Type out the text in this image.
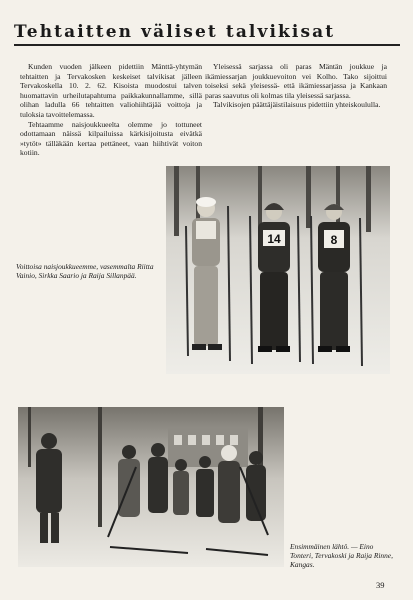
Tehtaitten väliset talvikisat

Kunden vuoden jälkeen pidettiin Mänttä-yhtymän tehtaitten ja Tervakosken keskeiset talvikisat jälleen Tervakoskella 10. 2. 62. Kisoista muodostui talven huomattavin urheilutapahtuma paikkakunnallamme, sillä olihan ladulla 66 tehtaitten valiohiihtäjää voittoja ja tuloksia tavoittelemassa.

Tehtaamme naisjoukkueelta olemme jo tottuneet odottamaan näissä kilpailuissa kärkisijoitusta eivätkä »tytöt» tälläkään kertaa pettäneet, vaan hiihtivät voiton kotiin.

Yleisessä sarjassa oli paras Mäntän joukkue ja ikämiessarjan joukkuevoiton vei Kolho. Tako sijoittui toiseksi sekä yleisessä- että ikämiessarjassa ja Kankaan paras saavutus oli kolmas tila yleisessä sarjassa.

Talvikisojen päättäjäistilaisuus pidettiin yhteiskoululla.

14	8
Voittoisa naisjoukkueemme, vasemmalta Riitta Vainio, Sirkka Saario ja Raija Sillanpää.
Ensimmäinen lähtö. — Eino Tonteri, Tervakoski ja Raija Rinne, Kangas.
39
